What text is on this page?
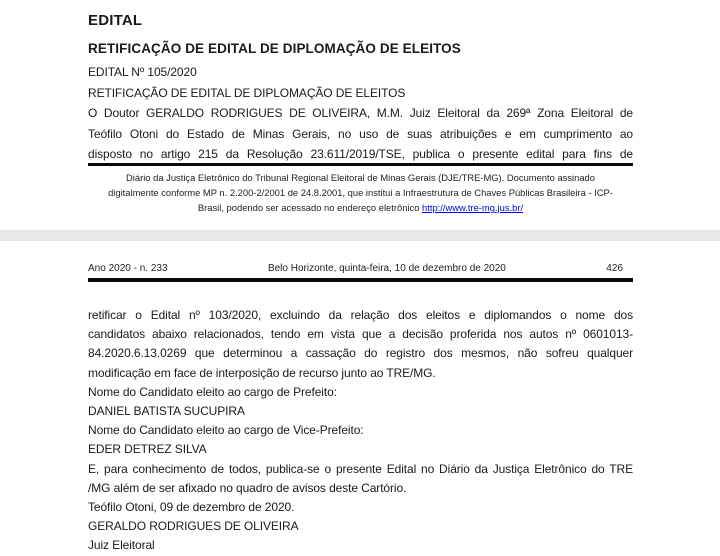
EDITAL
RETIFICAÇÃO DE EDITAL DE DIPLOMAÇÃO DE ELEITOS
EDITAL Nº 105/2020
RETIFICAÇÃO DE EDITAL DE DIPLOMAÇÃO DE ELEITOS
O Doutor GERALDO RODRIGUES DE OLIVEIRA, M.M. Juiz Eleitoral da 269ª Zona Eleitoral de
Teófilo Otoni do Estado de Minas Gerais, no uso de suas atribuições e em cumprimento ao
disposto no artigo 215 da Resolução 23.611/2019/TSE, publica o presente edital para fins de
Diário da Justiça Eletrônico do Tribunal Regional Eleitoral de Minas Gerais (DJE/TRE-MG). Documento assinado
digitalmente conforme MP n. 2.200-2/2001 de 24.8.2001, que institui a Infraestrutura de Chaves Públicas Brasileira - ICP-
Brasil, podendo ser acessado no endereço eletrônico http://www.tre-mg.jus.br/
Ano 2020 - n. 233	Belo Horizonte, quinta-feira, 10 de dezembro de 2020	426
retificar o Edital nº 103/2020, excluindo da relação dos eleitos e diplomandos o nome dos
candidatos abaixo relacionados, tendo em vista que a decisão proferida nos autos nº 0601013-
84.2020.6.13.0269 que determinou a cassação do registro dos mesmos, não sofreu qualquer
modificação em face de interposição de recurso junto ao TRE/MG.
Nome do Candidato eleito ao cargo de Prefeito:
DANIEL BATISTA SUCUPIRA
Nome do Candidato eleito ao cargo de Vice-Prefeito:
EDER DETREZ SILVA
E, para conhecimento de todos, publica-se o presente Edital no Diário da Justiça Eletrônico do TRE
/MG além de ser afixado no quadro de avisos deste Cartório.
Teófilo Otoni, 09 de dezembro de 2020.
GERALDO RODRIGUES DE OLIVEIRA
Juiz Eleitoral
